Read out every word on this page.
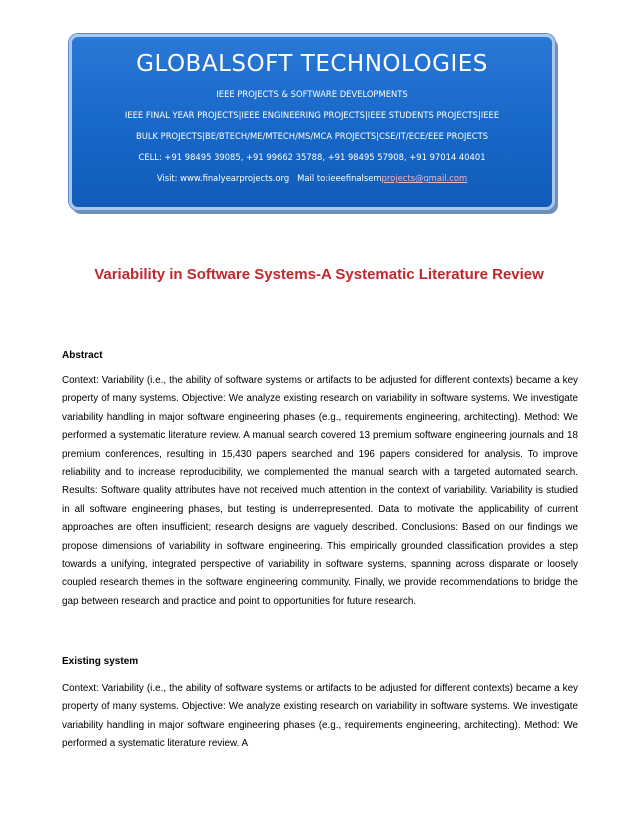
GLOBALSOFT TECHNOLOGIES
IEEE PROJECTS & SOFTWARE DEVELOPMENTS
IEEE FINAL YEAR PROJECTS|IEEE ENGINEERING PROJECTS|IEEE STUDENTS PROJECTS|IEEE
BULK PROJECTS|BE/BTECH/ME/MTECH/MS/MCA PROJECTS|CSE/IT/ECE/EEE PROJECTS
CELL: +91 98495 39085, +91 99662 35788, +91 98495 57908, +91 97014 40401
Visit: www.finalyearprojects.org   Mail to:ieeefinalsemprojects@gmail.com
Variability in Software Systems-A Systematic Literature Review
Abstract
Context: Variability (i.e., the ability of software systems or artifacts to be adjusted for different contexts) became a key property of many systems. Objective: We analyze existing research on variability in software systems. We investigate variability handling in major software engineering phases (e.g., requirements engineering, architecting). Method: We performed a systematic literature review. A manual search covered 13 premium software engineering journals and 18 premium conferences, resulting in 15,430 papers searched and 196 papers considered for analysis. To improve reliability and to increase reproducibility, we complemented the manual search with a targeted automated search. Results: Software quality attributes have not received much attention in the context of variability. Variability is studied in all software engineering phases, but testing is underrepresented. Data to motivate the applicability of current approaches are often insufficient; research designs are vaguely described. Conclusions: Based on our findings we propose dimensions of variability in software engineering. This empirically grounded classification provides a step towards a unifying, integrated perspective of variability in software systems, spanning across disparate or loosely coupled research themes in the software engineering community. Finally, we provide recommendations to bridge the gap between research and practice and point to opportunities for future research.
Existing system
Context: Variability (i.e., the ability of software systems or artifacts to be adjusted for different contexts) became a key property of many systems. Objective: We analyze existing research on variability in software systems. We investigate variability handling in major software engineering phases (e.g., requirements engineering, architecting). Method: We performed a systematic literature review. A
